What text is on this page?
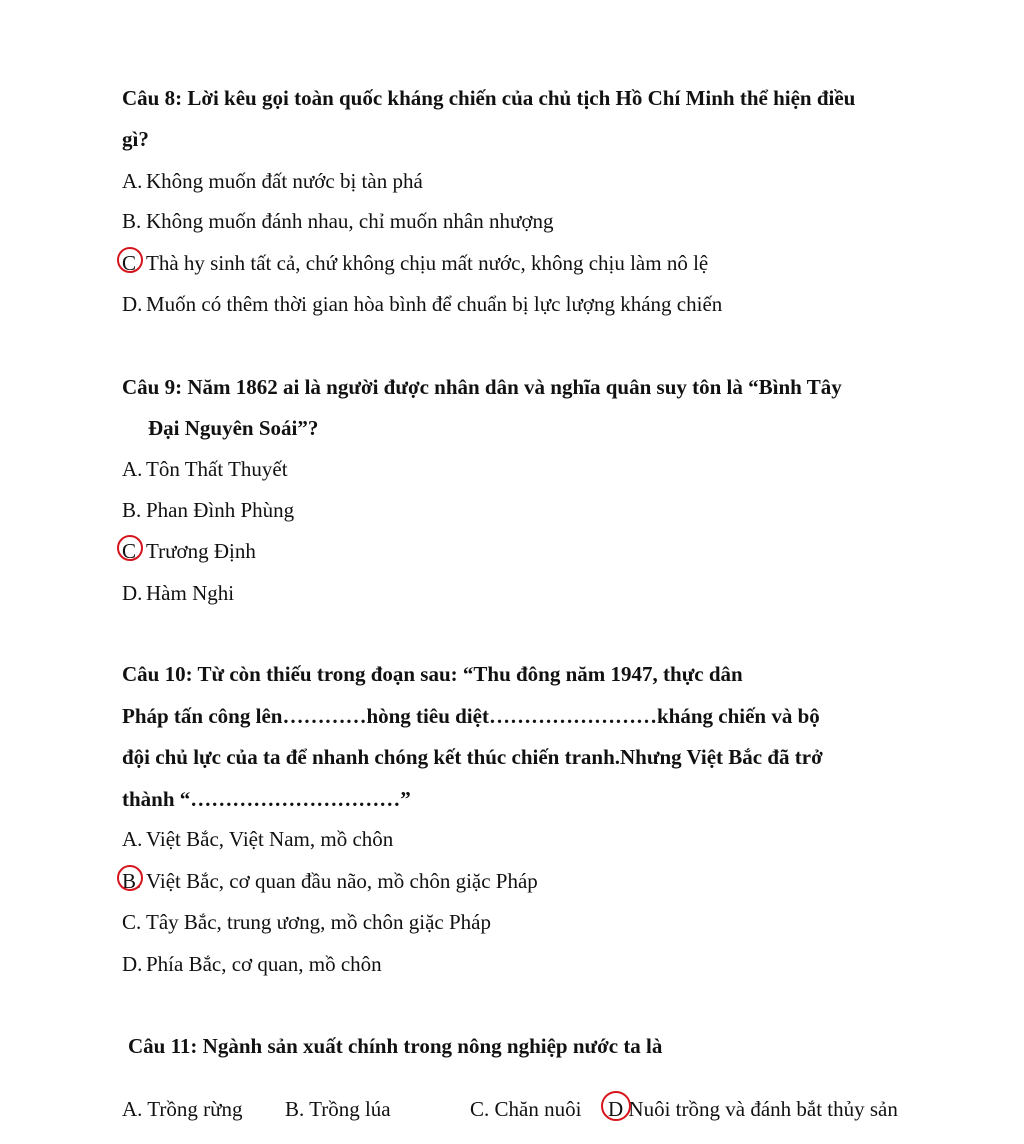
Câu 8: Lời kêu gọi toàn quốc kháng chiến của chủ tịch Hồ Chí Minh thể hiện điều
gì?
A. Không muốn đất nước bị tàn phá
B. Không muốn đánh nhau, chỉ muốn nhân nhượng
C Thà hy sinh tất cả, chứ không chịu mất nước, không chịu làm nô lệ
D. Muốn có thêm thời gian hòa bình để chuẩn bị lực lượng kháng chiến
Câu 9: Năm 1862 ai là người được nhân dân và nghĩa quân suy tôn là “Bình Tây
Đại Nguyên Soái”?
A. Tôn Thất Thuyết
B. Phan Đình Phùng
C Trương Định
D. Hàm Nghi
Câu 10: Từ còn thiếu trong đoạn sau: “Thu đông năm 1947, thực dân
Pháp tấn công lên…………hòng tiêu diệt……………………kháng chiến và bộ
đội chủ lực của ta để nhanh chóng kết thúc chiến tranh.Nhưng Việt Bắc đã trở
thành “…………………………”
A. Việt Bắc, Việt Nam, mồ chôn
B. Việt Bắc, cơ quan đầu não, mồ chôn giặc Pháp
C. Tây Bắc, trung ương, mồ chôn giặc Pháp
D. Phía Bắc, cơ quan, mồ chôn
Câu 11: Ngành sản xuất chính trong nông nghiệp nước ta là
A. Trồng rừng B. Trồng lúa	C. Chăn nuôi D Nuôi trồng và đánh bắt thủy sản
